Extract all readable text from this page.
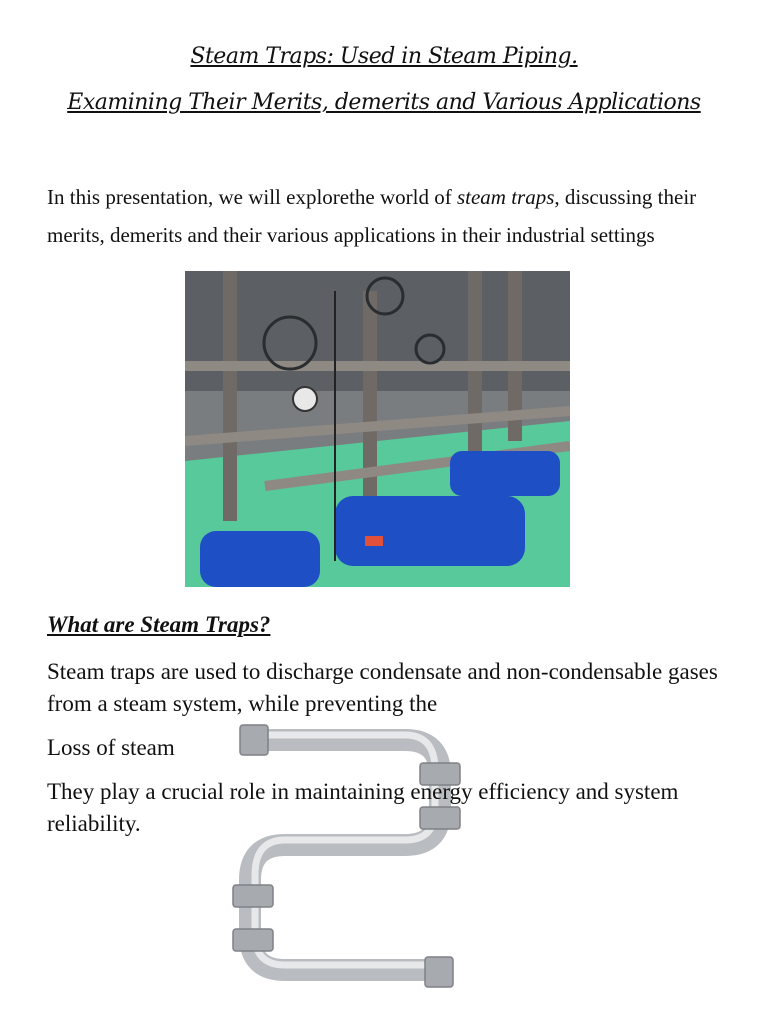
Steam Traps: Used in Steam Piping.
Examining Their Merits, demerits and Various Applications
In this presentation, we will explorethe world of steam traps, discussing their merits, demerits and their various applications in their industrial settings
What are Steam Traps?
Steam traps are used to discharge condensate and non-condensable gases from a steam system, while preventing the
Loss of steam
They play a crucial role in maintaining energy efficiency and system reliability.
